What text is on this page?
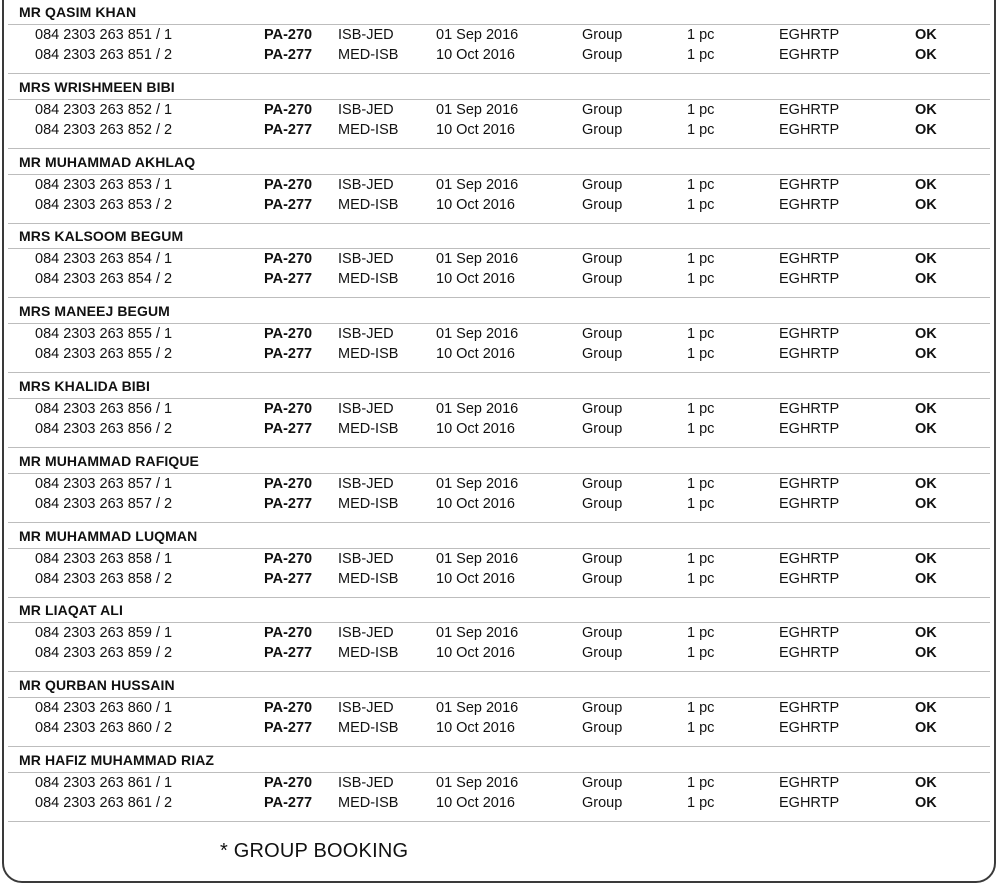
MR QASIM KHAN
084 2303 263 851 / 1	PA-270 ISB-JED	01 Sep 2016	Group	1 pc	EGHRTP	OK
084 2303 263 851 / 2	PA-277 MED-ISB	10 Oct 2016	Group	1 pc	EGHRTP	OK
MRS WRISHMEEN BIBI
084 2303 263 852 / 1	PA-270 ISB-JED	01 Sep 2016	Group	1 pc	EGHRTP	OK
084 2303 263 852 / 2	PA-277 MED-ISB	10 Oct 2016	Group	1 pc	EGHRTP	OK
MR MUHAMMAD AKHLAQ
084 2303 263 853 / 1	PA-270 ISB-JED	01 Sep 2016	Group	1 pc	EGHRTP	OK
084 2303 263 853 / 2	PA-277 MED-ISB	10 Oct 2016	Group	1 pc	EGHRTP	OK
MRS KALSOOM BEGUM
084 2303 263 854 / 1	PA-270 ISB-JED	01 Sep 2016	Group	1 pc	EGHRTP	OK
084 2303 263 854 / 2	PA-277 MED-ISB	10 Oct 2016	Group	1 pc	EGHRTP	OK
MRS MANEEJ BEGUM
084 2303 263 855 / 1	PA-270 ISB-JED	01 Sep 2016	Group	1 pc	EGHRTP	OK
084 2303 263 855 / 2	PA-277 MED-ISB	10 Oct 2016	Group	1 pc	EGHRTP	OK
MRS KHALIDA BIBI
084 2303 263 856 / 1	PA-270 ISB-JED	01 Sep 2016	Group	1 pc	EGHRTP	OK
084 2303 263 856 / 2	PA-277 MED-ISB	10 Oct 2016	Group	1 pc	EGHRTP	OK
MR MUHAMMAD RAFIQUE
084 2303 263 857 / 1	PA-270 ISB-JED	01 Sep 2016	Group	1 pc	EGHRTP	OK
084 2303 263 857 / 2	PA-277 MED-ISB	10 Oct 2016	Group	1 pc	EGHRTP	OK
MR MUHAMMAD LUQMAN
084 2303 263 858 / 1	PA-270 ISB-JED	01 Sep 2016	Group	1 pc	EGHRTP	OK
084 2303 263 858 / 2	PA-277 MED-ISB	10 Oct 2016	Group	1 pc	EGHRTP	OK
MR LIAQAT ALI
084 2303 263 859 / 1	PA-270 ISB-JED	01 Sep 2016	Group	1 pc	EGHRTP	OK
084 2303 263 859 / 2	PA-277 MED-ISB	10 Oct 2016	Group	1 pc	EGHRTP	OK
MR QURBAN HUSSAIN
084 2303 263 860 / 1	PA-270 ISB-JED	01 Sep 2016	Group	1 pc	EGHRTP	OK
084 2303 263 860 / 2	PA-277 MED-ISB	10 Oct 2016	Group	1 pc	EGHRTP	OK
MR HAFIZ MUHAMMAD RIAZ
084 2303 263 861 / 1	PA-270 ISB-JED	01 Sep 2016	Group	1 pc	EGHRTP	OK
084 2303 263 861 / 2	PA-277 MED-ISB	10 Oct 2016	Group	1 pc	EGHRTP	OK
* GROUP BOOKING
